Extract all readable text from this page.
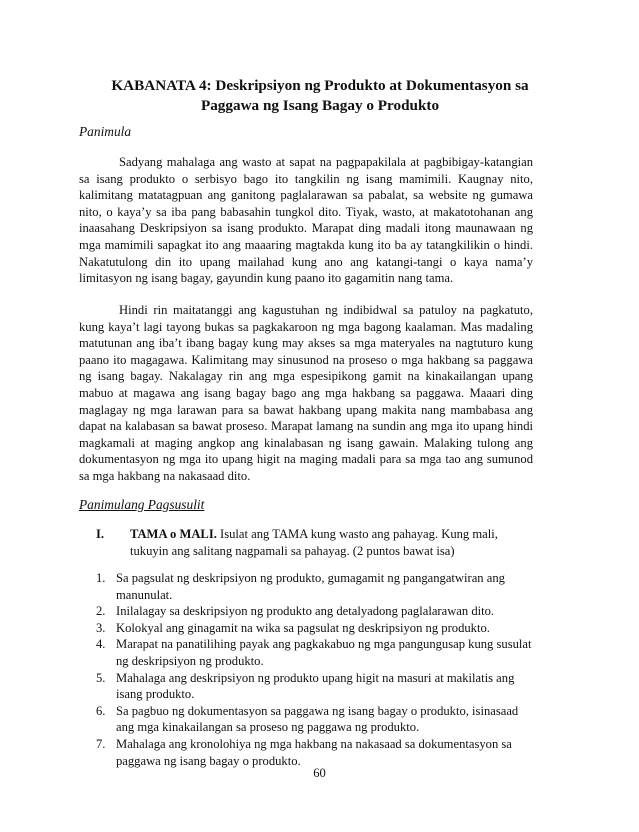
KABANATA 4: Deskripsiyon ng Produkto at Dokumentasyon sa
Paggawa ng Isang Bagay o Produkto
Panimula

Sadyang mahalaga ang wasto at sapat na pagpapakilala at pagbibigay-katangian sa isang produkto o serbisyo bago ito tangkilin ng isang mamimili. Kaugnay nito, kalimitang matatagpuan ang ganitong paglalarawan sa pabalat, sa website ng gumawa nito, o kaya’y sa iba pang babasahin tungkol dito. Tiyak, wasto, at makatotohanan ang inaasahang Deskripsiyon sa isang produkto. Marapat ding madali itong maunawaan ng mga mamimili sapagkat ito ang maaaring magtakda kung ito ba ay tatangkilikin o hindi. Nakatutulong din ito upang mailahad kung ano ang katangi-tangi o kaya nama’y limitasyon ng isang bagay, gayundin kung paano ito gagamitin nang tama.

Hindi rin maitatanggi ang kagustuhan ng indibidwal sa patuloy na pagkatuto, kung kaya’t lagi tayong bukas sa pagkakaroon ng mga bagong kaalaman. Mas madaling matutunan ang iba’t ibang bagay kung may akses sa mga materyales na nagtuturo kung paano ito magagawa. Kalimitang may sinusunod na proseso o mga hakbang sa paggawa ng isang bagay. Nakalagay rin ang mga espesipikong gamit na kinakailangan upang mabuo at magawa ang isang bagay bago ang mga hakbang sa paggawa. Maaari ding maglagay ng mga larawan para sa bawat hakbang upang makita nang mambabasa ang dapat na kalabasan sa bawat proseso. Marapat lamang na sundin ang mga ito upang hindi magkamali at maging angkop ang kinalabasan ng isang gawain. Malaking tulong ang dokumentasyon ng mga ito upang higit na maging madali para sa mga tao ang sumunod sa mga hakbang na nakasaad dito.

Panimulang Pagsusulit
I. TAMA o MALI. Isulat ang TAMA kung wasto ang pahayag. Kung mali, tukuyin ang salitang nagpamali sa pahayag. (2 puntos bawat isa)
1. Sa pagsulat ng deskripsiyon ng produkto, gumagamit ng pangangatwiran ang manunulat.
2. Inilalagay sa deskripsiyon ng produkto ang detalyadong paglalarawan dito.
3. Kolokyal ang ginagamit na wika sa pagsulat ng deskripsiyon ng produkto.
4. Marapat na panatilihing payak ang pagkakabuo ng mga pangungusap kung susulat ng deskripsiyon ng produkto.
5. Mahalaga ang deskripsiyon ng produkto upang higit na masuri at makilatis ang isang produkto.
6. Sa pagbuo ng dokumentasyon sa paggawa ng isang bagay o produkto, isinasaad ang mga kinakailangan sa proseso ng paggawa ng produkto.
7. Mahalaga ang kronolohiya ng mga hakbang na nakasaad sa dokumentasyon sa paggawa ng isang bagay o produkto.
60
